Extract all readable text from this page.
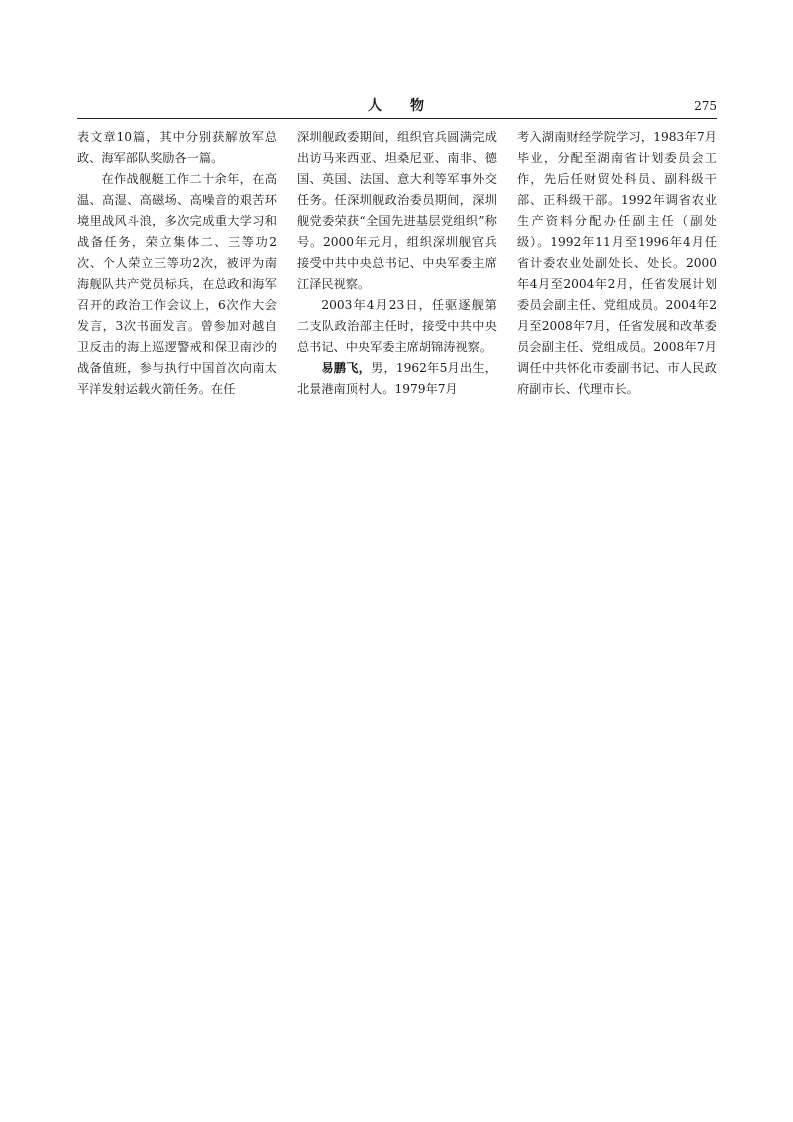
人 物	275

表文章10篇，其中分别获解放军总政、海军部队奖励各一篇。

在作战舰艇工作二十余年，在高温、高湿、高磁场、高噪音的艰苦环境里战风斗浪，多次完成重大学习和战备任务，荣立集体二、三等功2次、个人荣立三等功2次，被评为南海舰队共产党员标兵，在总政和海军召开的政治工作会议上，6次作大会发言，3次书面发言。曾参加对越自卫反击的海上巡逻警戒和保卫南沙的战备值班，参与执行中国首次向南太平洋发射运载火箭任务。在任

深圳舰政委期间，组织官兵圆满完成出访马来西亚、坦桑尼亚、南非、德国、英国、法国、意大利等军事外交任务。任深圳舰政治委员期间，深圳舰党委荣获“全国先进基层党组织”称号。2000年元月，组织深圳舰官兵接受中共中央总书记、中央军委主席江泽民视察。

2003年4月23日，任驱逐舰第二支队政治部主任时，接受中共中央总书记、中央军委主席胡锦涛视察。

易鹏飞，男，1962年5月出生，北景港南顶村人。1979年7月

考入湖南财经学院学习，1983年7月毕业，分配至湖南省计划委员会工作，先后任财贸处科员、副科级干部、正科级干部。1992年调省农业生产资料分配办任副主任（副处级）。1992年11月至1996年4月任省计委农业处副处长、处长。2000年4月至2004年2月，任省发展计划委员会副主任、党组成员。2004年2月至2008年7月，任省发展和改革委员会副主任、党组成员。2008年7月调任中共怀化市委副书记、市人民政府副市长、代理市长。
